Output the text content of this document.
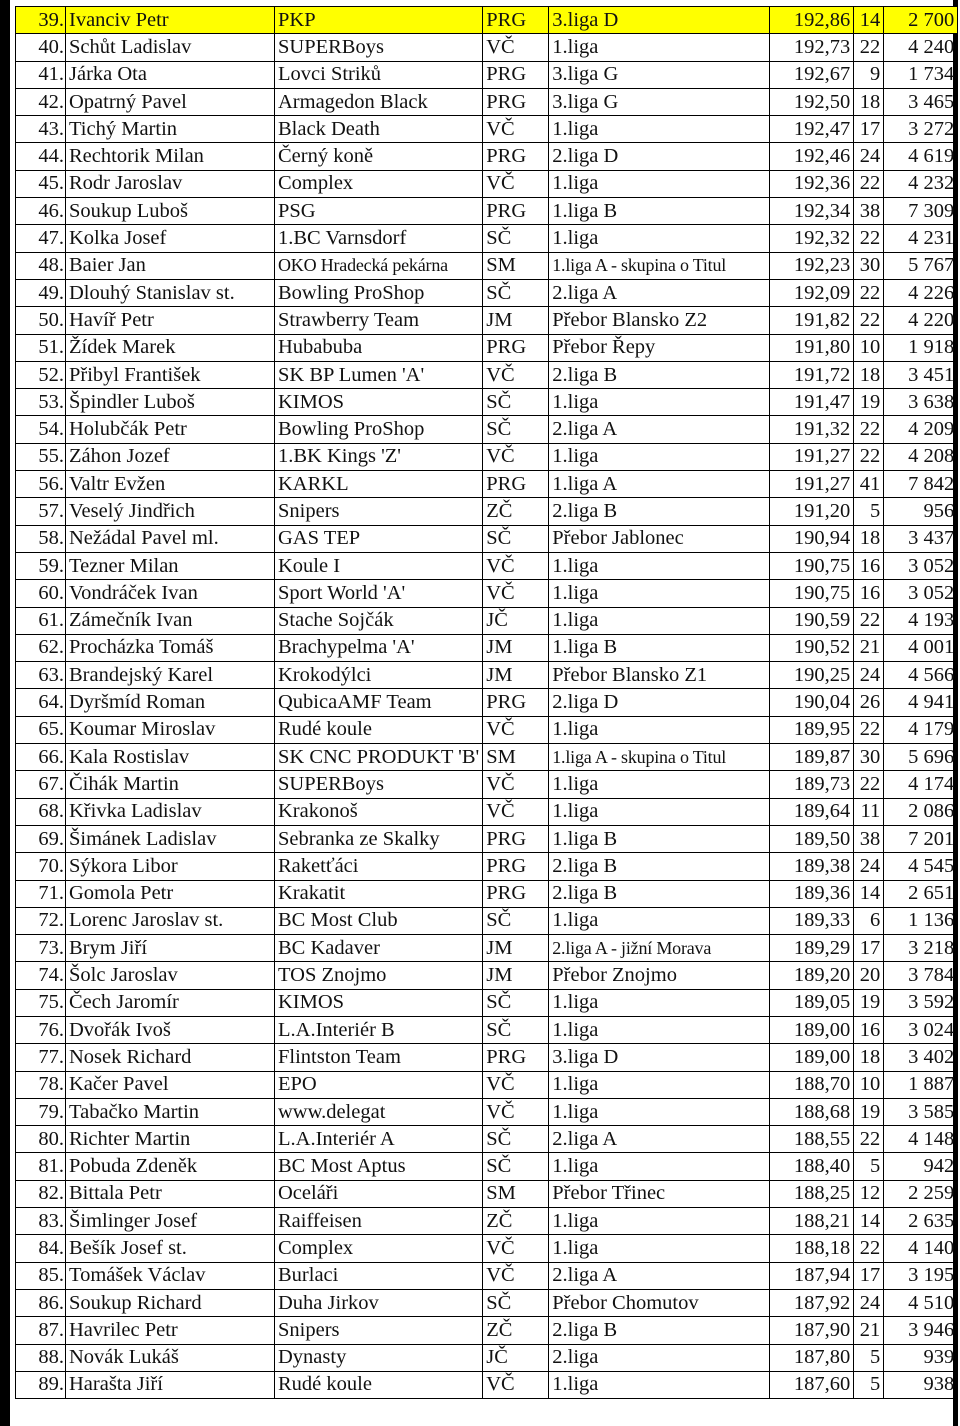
39.	Ivanciv Petr	PKP	PRG	3.liga D	192,86	14	2 700
40.	Schůt Ladislav	SUPERBoys	VČ	1.liga	192,73	22	4 240
41.	Járka Ota	Lovci Striků	PRG	3.liga G	192,67	9	1 734
42.	Opatrný Pavel	Armagedon Black	PRG	3.liga G	192,50	18	3 465
43.	Tichý Martin	Black Death	VČ	1.liga	192,47	17	3 272
44.	Rechtorik Milan	Černý koně	PRG	2.liga D	192,46	24	4 619
45.	Rodr Jaroslav	Complex	VČ	1.liga	192,36	22	4 232
46.	Soukup Luboš	PSG	PRG	1.liga B	192,34	38	7 309
47.	Kolka Josef	1.BC Varnsdorf	SČ	1.liga	192,32	22	4 231
48.	Baier Jan	OKO Hradecká pekárna	SM	1.liga A - skupina o Titul	192,23	30	5 767
49.	Dlouhý Stanislav st.	Bowling ProShop	SČ	2.liga A	192,09	22	4 226
50.	Havíř Petr	Strawberry Team	JM	Přebor Blansko Z2	191,82	22	4 220
51.	Žídek Marek	Hubabuba	PRG	Přebor Řepy	191,80	10	1 918
52.	Přibyl František	SK BP Lumen 'A'	VČ	2.liga B	191,72	18	3 451
53.	Špindler Luboš	KIMOS	SČ	1.liga	191,47	19	3 638
54.	Holubčák Petr	Bowling ProShop	SČ	2.liga A	191,32	22	4 209
55.	Záhon Jozef	1.BK Kings 'Z'	VČ	1.liga	191,27	22	4 208
56.	Valtr Evžen	KARKL	PRG	1.liga A	191,27	41	7 842
57.	Veselý Jindřich	Snipers	ZČ	2.liga B	191,20	5	956
58.	Nežádal Pavel ml.	GAS TEP	SČ	Přebor Jablonec	190,94	18	3 437
59.	Tezner Milan	Koule I	VČ	1.liga	190,75	16	3 052
60.	Vondráček Ivan	Sport World 'A'	VČ	1.liga	190,75	16	3 052
61.	Zámečník Ivan	Stache Sojčák	JČ	1.liga	190,59	22	4 193
62.	Procházka Tomáš	Brachypelma 'A'	JM	1.liga B	190,52	21	4 001
63.	Brandejský Karel	Krokodýlci	JM	Přebor Blansko Z1	190,25	24	4 566
64.	Dyršmíd Roman	QubicaAMF Team	PRG	2.liga D	190,04	26	4 941
65.	Koumar Miroslav	Rudé koule	VČ	1.liga	189,95	22	4 179
66.	Kala Rostislav	SK CNC PRODUKT 'B'	SM	1.liga A - skupina o Titul	189,87	30	5 696
67.	Čihák Martin	SUPERBoys	VČ	1.liga	189,73	22	4 174
68.	Křivka Ladislav	Krakonoš	VČ	1.liga	189,64	11	2 086
69.	Šimánek Ladislav	Sebranka ze Skalky	PRG	1.liga B	189,50	38	7 201
70.	Sýkora Libor	Raketťáci	PRG	2.liga B	189,38	24	4 545
71.	Gomola Petr	Krakatit	PRG	2.liga B	189,36	14	2 651
72.	Lorenc Jaroslav st.	BC Most Club	SČ	1.liga	189,33	6	1 136
73.	Brym Jiří	BC Kadaver	JM	2.liga A - jižní Morava	189,29	17	3 218
74.	Šolc Jaroslav	TOS Znojmo	JM	Přebor Znojmo	189,20	20	3 784
75.	Čech Jaromír	KIMOS	SČ	1.liga	189,05	19	3 592
76.	Dvořák Ivoš	L.A.Interiér B	SČ	1.liga	189,00	16	3 024
77.	Nosek Richard	Flintston Team	PRG	3.liga D	189,00	18	3 402
78.	Kačer Pavel	EPO	VČ	1.liga	188,70	10	1 887
79.	Tabačko Martin	www.delegat	VČ	1.liga	188,68	19	3 585
80.	Richter Martin	L.A.Interiér A	SČ	2.liga A	188,55	22	4 148
81.	Pobuda Zdeněk	BC Most Aptus	SČ	1.liga	188,40	5	942
82.	Bittala Petr	Oceláři	SM	Přebor Třinec	188,25	12	2 259
83.	Šimlinger Josef	Raiffeisen	ZČ	1.liga	188,21	14	2 635
84.	Bešík Josef st.	Complex	VČ	1.liga	188,18	22	4 140
85.	Tomášek Václav	Burlaci	VČ	2.liga A	187,94	17	3 195
86.	Soukup Richard	Duha Jirkov	SČ	Přebor Chomutov	187,92	24	4 510
87.	Havrilec Petr	Snipers	ZČ	2.liga B	187,90	21	3 946
88.	Novák Lukáš	Dynasty	JČ	2.liga	187,80	5	939
89.	Harašta Jiří	Rudé koule	VČ	1.liga	187,60	5	938
